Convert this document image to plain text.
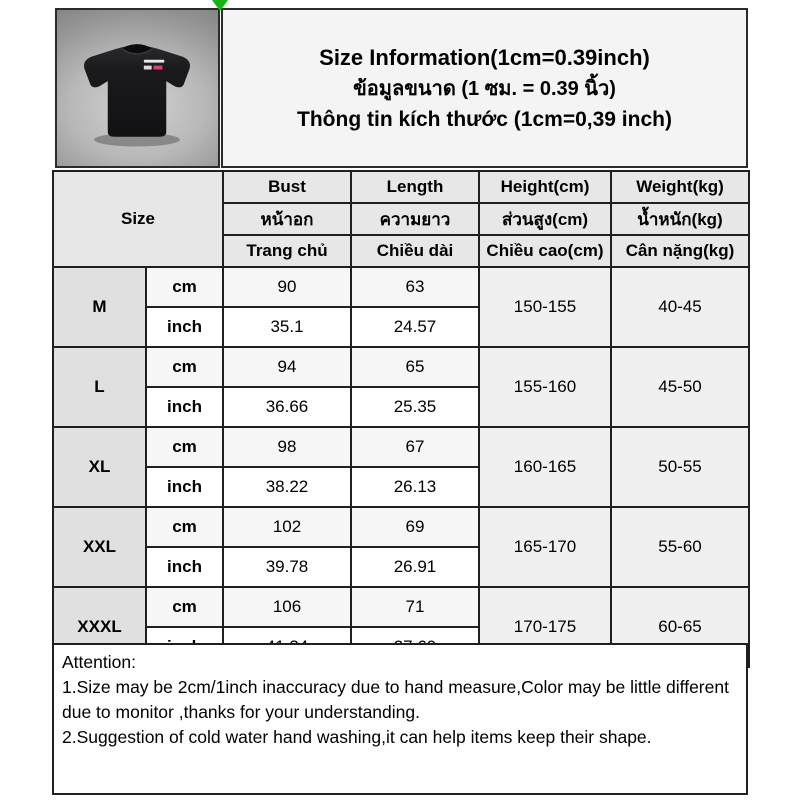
Size Information(1cm=0.39inch)
ข้อมูลขนาด (1 ซม. = 0.39 นิ้ว)
Thông tin kích thước (1cm=0,39 inch)
Size		Bust	Length	Height(cm)	Weight(kg)
		หน้าอก	ความยาว	ส่วนสูง(cm)	น้ำหนัก(kg)
		Trang chủ	Chiều dài	Chiều cao(cm)	Cân nặng(kg)
M	cm	90	63	150-155	40-45
	inch	35.1	24.57		
L	cm	94	65	155-160	45-50
	inch	36.66	25.35		
XL	cm	98	67	160-165	50-55
	inch	38.22	26.13		
XXL	cm	102	69	165-170	55-60
	inch	39.78	26.91		
XXXL	cm	106	71	170-175	60-65

Attention:

1.Size may be 2cm/1inch inaccuracy due to hand measure,Color may be little different due to monitor ,thanks for your understanding.

2.Suggestion of cold water hand washing,it can help items keep their shape.
